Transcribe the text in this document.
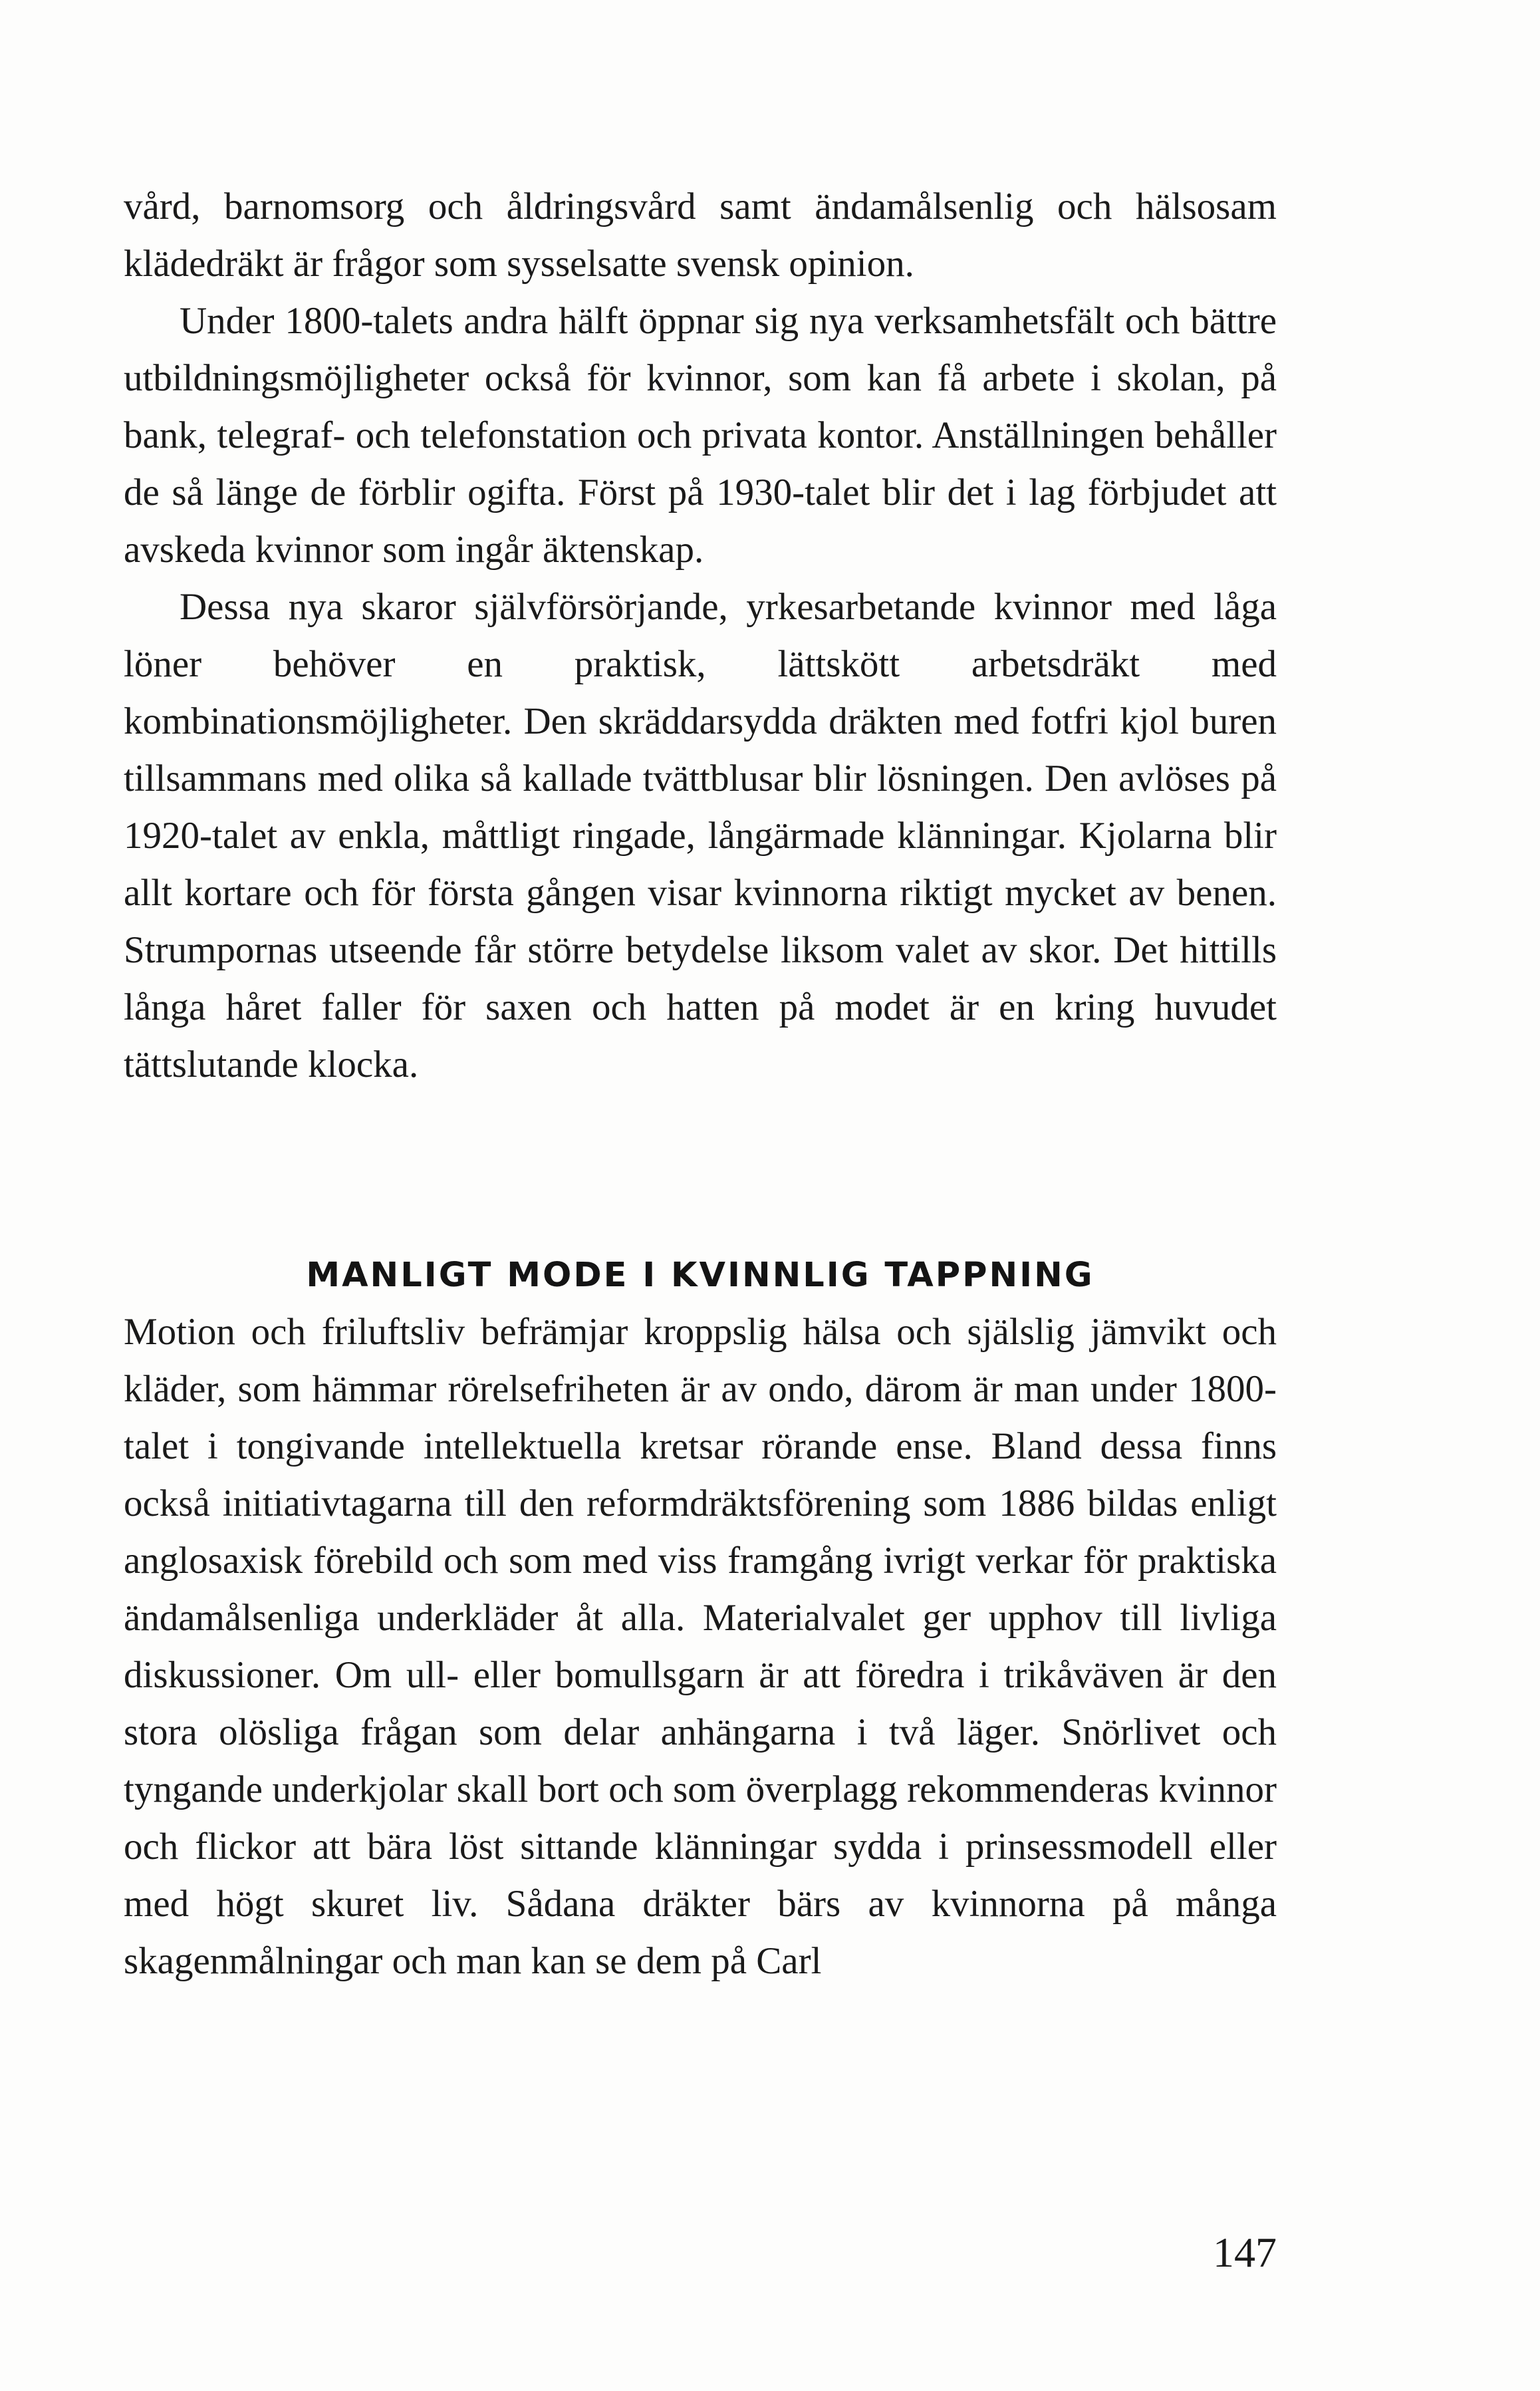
vård, barnomsorg och åldringsvård samt ändamålsenlig och hälsosam klädedräkt är frågor som sysselsatte svensk opinion.

Under 1800-talets andra hälft öppnar sig nya verksamhetsfält och bättre utbildningsmöjligheter också för kvinnor, som kan få arbete i skolan, på bank, telegraf- och telefonstation och privata kontor. Anställningen behåller de så länge de förblir ogifta. Först på 1930-talet blir det i lag förbjudet att avskeda kvinnor som ingår äktenskap.

Dessa nya skaror självförsörjande, yrkesarbetande kvinnor med låga löner behöver en praktisk, lättskött arbetsdräkt med kombinationsmöjligheter. Den skräddarsydda dräkten med fotfri kjol buren tillsammans med olika så kallade tvättblusar blir lösningen. Den avlöses på 1920-talet av enkla, måttligt ringade, långärmade klänningar. Kjolarna blir allt kortare och för första gången visar kvinnorna riktigt mycket av benen. Strumpornas utseende får större betydelse liksom valet av skor. Det hittills långa håret faller för saxen och hatten på modet är en kring huvudet tättslutande klocka.

MANLIGT MODE I KVINNLIG TAPPNING

Motion och friluftsliv befrämjar kroppslig hälsa och själslig jämvikt och kläder, som hämmar rörelsefriheten är av ondo, därom är man under 1800-talet i tongivande intellektuella kretsar rörande ense. Bland dessa finns också initiativtagarna till den reformdräktsförening som 1886 bildas enligt anglosaxisk förebild och som med viss framgång ivrigt verkar för praktiska ändamålsenliga underkläder åt alla. Materialvalet ger upphov till livliga diskussioner. Om ull- eller bomullsgarn är att föredra i trikåväven är den stora olösliga frågan som delar anhängarna i två läger. Snörlivet och tyngande underkjolar skall bort och som överplagg rekommenderas kvinnor och flickor att bära löst sittande klänningar sydda i prinsessmodell eller med högt skuret liv. Sådana dräkter bärs av kvinnorna på många skagenmålningar och man kan se dem på Carl

147
